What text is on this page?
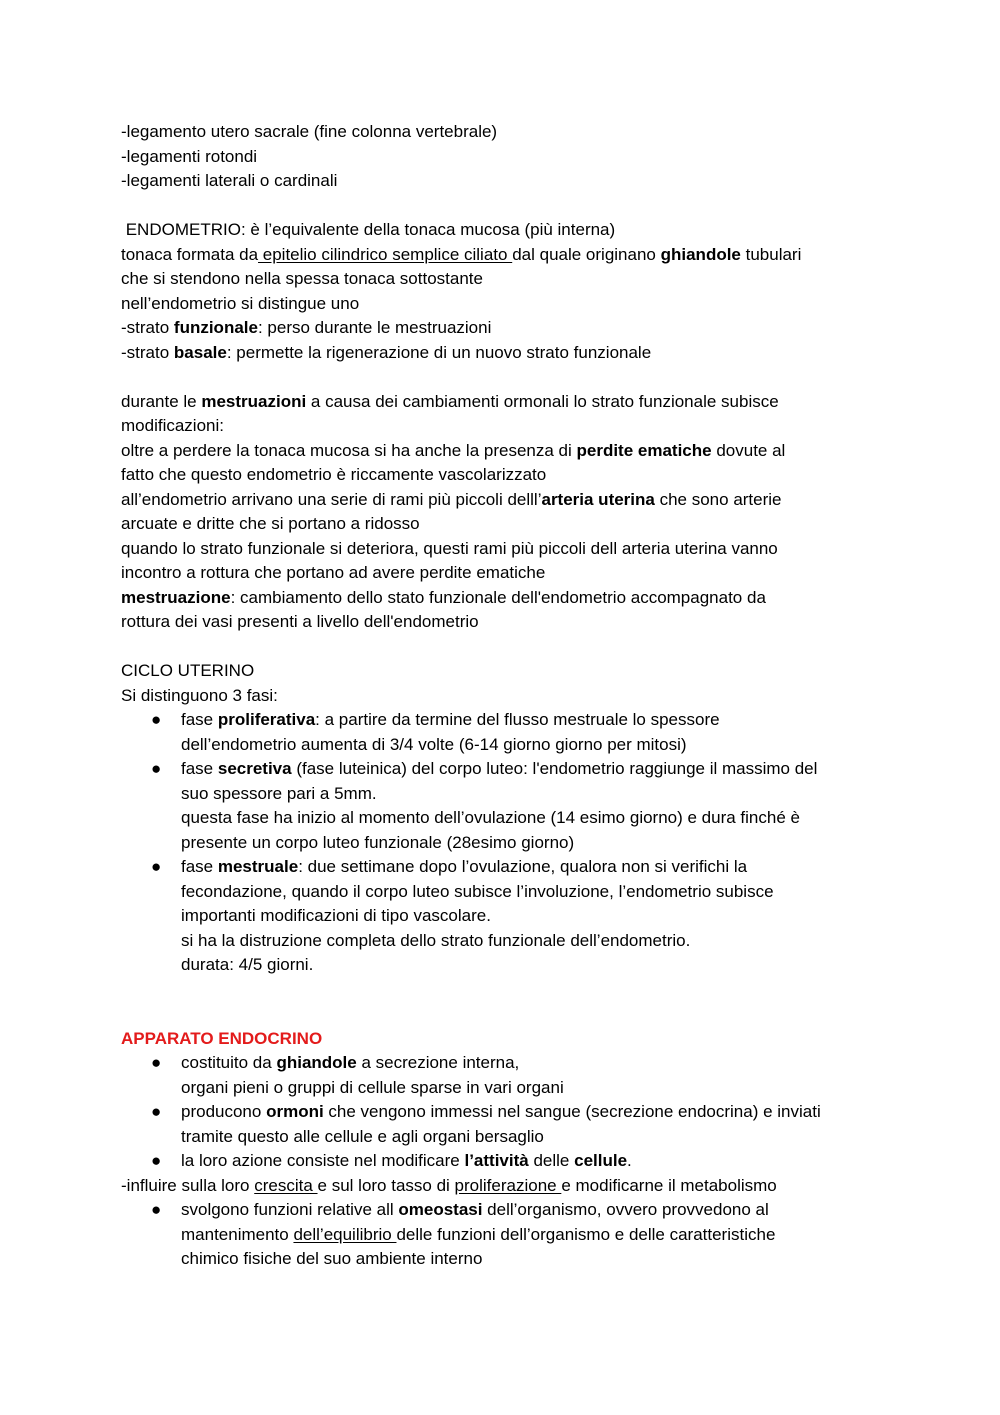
-legamento utero sacrale (fine colonna vertebrale)
-legamenti rotondi
-legamenti laterali o cardinali
ENDOMETRIO: è l’equivalente della tonaca mucosa (più interna)
tonaca formata da epitelio cilindrico semplice ciliato dal quale originano ghiandole tubulari
che si stendono nella spessa tonaca sottostante
nell’endometrio si distingue uno
-strato funzionale: perso durante le mestruazioni
-strato basale: permette la rigenerazione di un nuovo strato funzionale
durante le mestruazioni a causa dei cambiamenti ormonali lo strato funzionale subisce
modificazioni:
oltre a perdere la tonaca mucosa si ha anche la presenza di perdite ematiche dovute al
fatto che questo endometrio è riccamente vascolarizzato
all’endometrio arrivano una serie di rami più piccoli delll’arteria uterina che sono arterie
arcuate e dritte che si portano a ridosso
quando lo strato funzionale si deteriora, questi rami più piccoli dell arteria uterina vanno
incontro a rottura che portano ad avere perdite ematiche
mestruazione: cambiamento dello stato funzionale dell'endometrio accompagnato da
rottura dei vasi presenti a livello dell'endometrio
CICLO UTERINO
Si distinguono 3 fasi:
● fase proliferativa: a partire da termine del flusso mestruale lo spessore
dell’endometrio aumenta di 3/4 volte (6-14 giorno giorno per mitosi)
● fase secretiva (fase luteinica) del corpo luteo: l'endometrio raggiunge il massimo del
suo spessore pari a 5mm.
questa fase ha inizio al momento dell’ovulazione (14 esimo giorno) e dura finché è
presente un corpo luteo funzionale (28esimo giorno)
● fase mestruale: due settimane dopo l’ovulazione, qualora non si verifichi la
fecondazione, quando il corpo luteo subisce l’involuzione, l’endometrio subisce
importanti modificazioni di tipo vascolare.
si ha la distruzione completa dello strato funzionale dell’endometrio.
durata: 4/5 giorni.
APPARATO ENDOCRINO
● costituito da ghiandole a secrezione interna,
organi pieni o gruppi di cellule sparse in vari organi
● producono ormoni che vengono immessi nel sangue (secrezione endocrina) e inviati
tramite questo alle cellule e agli organi bersaglio
● la loro azione consiste nel modificare l’attività delle cellule.
-influire sulla loro crescita e sul loro tasso di proliferazione e modificarne il metabolismo
● svolgono funzioni relative all omeostasi dell’organismo, ovvero provvedono al
mantenimento dell’equilibrio delle funzioni dell’organismo e delle caratteristiche
chimico fisiche del suo ambiente interno
